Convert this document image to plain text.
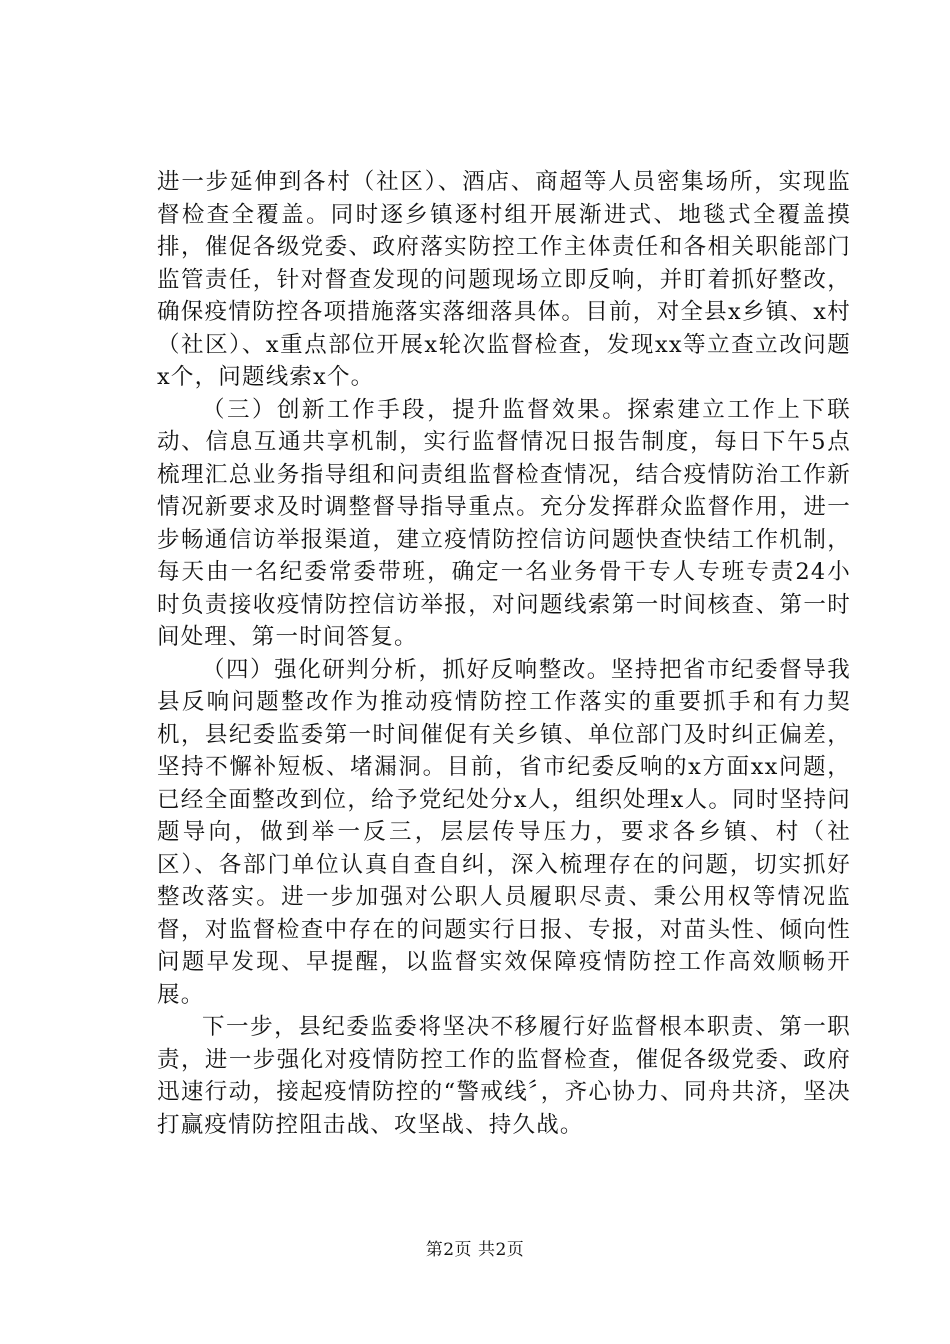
进一步延伸到各村（社区）、酒店、商超等人员密集场所，实现监督检查全覆盖。同时逐乡镇逐村组开展渐进式、地毯式全覆盖摸排，催促各级党委、政府落实防控工作主体责任和各相关职能部门监管责任，针对督查发现的问题现场立即反响，并盯着抓好整改，确保疫情防控各项措施落实落细落具体。目前，对全县x乡镇、x村（社区）、x重点部位开展x轮次监督检查，发现xx等立查立改问题x个，问题线索x个。

（三）创新工作手段，提升监督效果。探索建立工作上下联动、信息互通共享机制，实行监督情况日报告制度，每日下午5点梳理汇总业务指导组和问责组监督检查情况，结合疫情防治工作新情况新要求及时调整督导指导重点。充分发挥群众监督作用，进一步畅通信访举报渠道，建立疫情防控信访问题快查快结工作机制，每天由一名纪委常委带班，确定一名业务骨干专人专班专责24小时负责接收疫情防控信访举报，对问题线索第一时间核查、第一时间处理、第一时间答复。

（四）强化研判分析，抓好反响整改。坚持把省市纪委督导我县反响问题整改作为推动疫情防控工作落实的重要抓手和有力契机，县纪委监委第一时间催促有关乡镇、单位部门及时纠正偏差，坚持不懈补短板、堵漏洞。目前，省市纪委反响的x方面xx问题，已经全面整改到位，给予党纪处分x人，组织处理x人。同时坚持问题导向，做到举一反三，层层传导压力，要求各乡镇、村（社区）、各部门单位认真自查自纠，深入梳理存在的问题，切实抓好整改落实。进一步加强对公职人员履职尽责、秉公用权等情况监督，对监督检查中存在的问题实行日报、专报，对苗头性、倾向性问题早发现、早提醒，以监督实效保障疫情防控工作高效顺畅开展。

下一步，县纪委监委将坚决不移履行好监督根本职责、第一职责，进一步强化对疫情防控工作的监督检查，催促各级党委、政府迅速行动，接起疫情防控的“警戒线〞，齐心协力、同舟共济，坚决打赢疫情防控阻击战、攻坚战、持久战。

第2页 共2页
